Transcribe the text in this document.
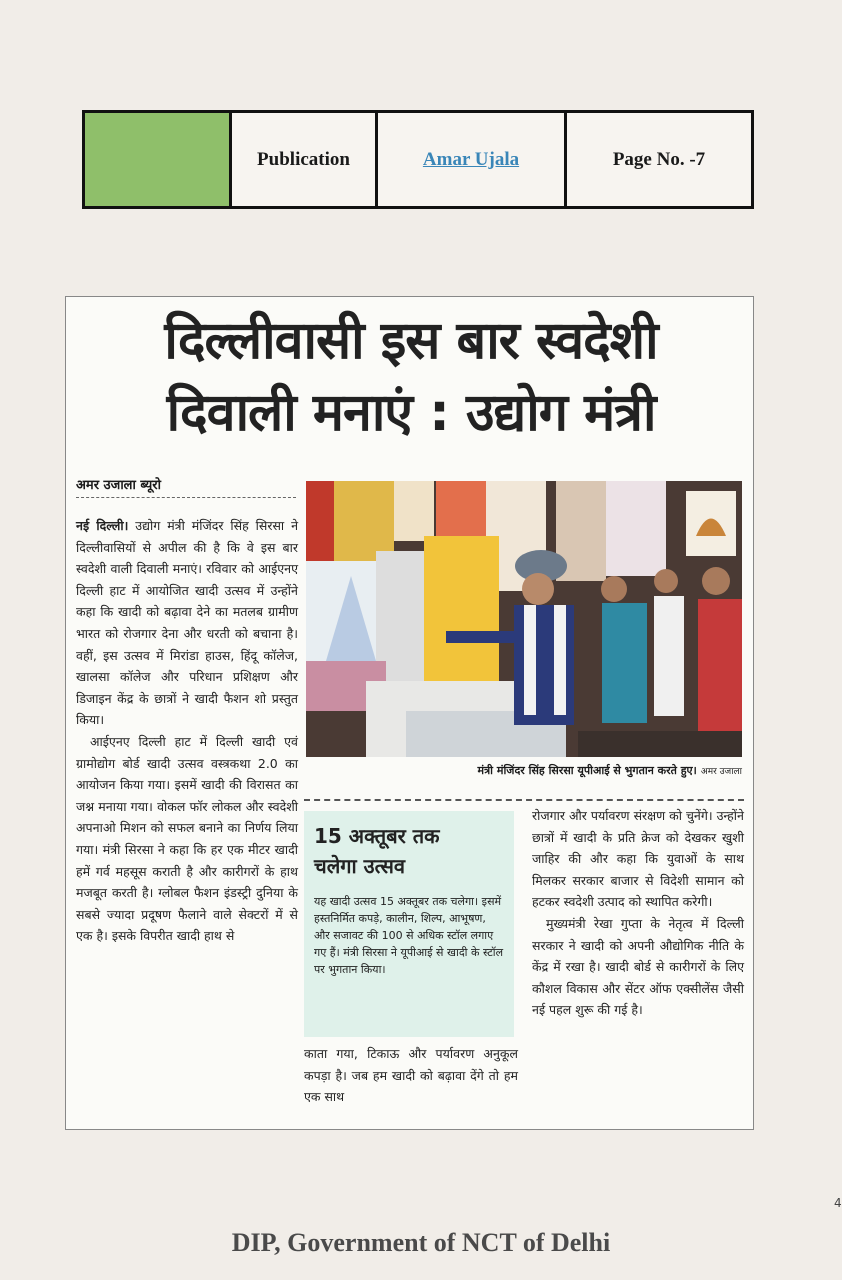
Publication	Amar Ujala	Page No. -7
दिल्लीवासी इस बार स्वदेशी
दिवाली मनाएं : उद्योग मंत्री
अमर उजाला ब्यूरो

नई दिल्ली। उद्योग मंत्री मंजिंदर सिंह सिरसा ने दिल्लीवासियों से अपील की है कि वे इस बार स्वदेशी वाली दिवाली मनाएं। रविवार को आईएनए दिल्ली हाट में आयोजित खादी उत्सव में उन्होंने कहा कि खादी को बढ़ावा देने का मतलब ग्रामीण भारत को रोजगार देना और धरती को बचाना है। वहीं, इस उत्सव में मिरांडा हाउस, हिंदू कॉलेज, खालसा कॉलेज और परिधान प्रशिक्षण और डिजाइन केंद्र के छात्रों ने खादी फैशन शो प्रस्तुत किया।

आईएनए दिल्ली हाट में दिल्ली खादी एवं ग्रामोद्योग बोर्ड खादी उत्सव वस्त्रकथा 2.0 का आयोजन किया गया। इसमें खादी की विरासत का जश्न मनाया गया। वोकल फॉर लोकल और स्वदेशी अपनाओ मिशन को सफल बनाने का निर्णय लिया गया। मंत्री सिरसा ने कहा कि हर एक मीटर खादी हमें गर्व महसूस कराती है और कारीगरों के हाथ मजबूत करती है। ग्लोबल फैशन इंडस्ट्री दुनिया के सबसे ज्यादा प्रदूषण फैलाने वाले सेक्टरों में से एक है। इसके विपरीत खादी हाथ से

मंत्री मंजिंदर सिंह सिरसा यूपीआई से भुगतान करते हुए। अमर उजाला
15 अक्तूबर तक चलेगा उत्सव
यह खादी उत्सव 15 अक्तूबर तक चलेगा। इसमें हस्तनिर्मित कपड़े, कालीन, शिल्प, आभूषण, और सजावट की 100 से अधिक स्टॉल लगाए गए हैं। मंत्री सिरसा ने यूपीआई से खादी के स्टॉल पर भुगतान किया।

काता गया, टिकाऊ और पर्यावरण अनुकूल कपड़ा है। जब हम खादी को बढ़ावा देंगे तो हम एक साथ

रोजगार और पर्यावरण संरक्षण को चुनेंगे। उन्होंने छात्रों में खादी के प्रति क्रेज को देखकर खुशी जाहिर की और कहा कि युवाओं के साथ मिलकर सरकार बाजार से विदेशी सामान को हटकर स्वदेशी उत्पाद को स्थापित करेगी।

मुख्यमंत्री रेखा गुप्ता के नेतृत्व में दिल्ली सरकार ने खादी को अपनी औद्योगिक नीति के केंद्र में रखा है। खादी बोर्ड से कारीगरों के लिए कौशल विकास और सेंटर ऑफ एक्सीलेंस जैसी नई पहल शुरू की गई है।

4
DIP, Government of NCT of Delhi
